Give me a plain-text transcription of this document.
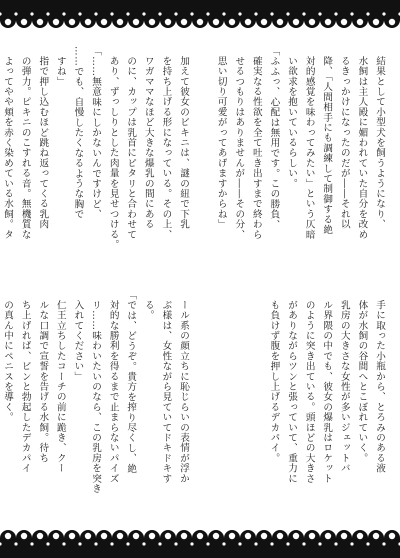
結果として小型犬を飼うようになり、

水飼は主人殿に媚われていた自分を改め

るきっかけになったのだが――それ以

降、「人間相手にも調練して制御する絶

対的感覚を味わってみたい」という仄暗

い欲求を抱いているらしい。

「ふふっ、心配は無用です。この勝負、

確実なる性欲を全て吐き出すまで終わら

せるつもりはありませんが――その分、

思い切り可愛がってあげますからね」

手に取った小瓶から、とろみのある液

体が水飼の谷間へとこぼれていく。

乳房の大きさな女性が多いジェットバ

ル界隈の中でも、彼女の爆乳はロケット

のように突き出ている。頭ほどの大きさ

がありながらツンと張っていて、重力に

も負けず腹を押し上げるデカパイ。

加えて彼女のビキニは、謎の紐で下乳

を持ち上げる形になっている。その上、

ワガママなほど大きな爆乳の間にある

のに、カップは乳首にピタリと合わせて

あり、ずっしりとした肉量を見せつける。

「……無意味にしかないんですけど、

……でも、自慢したくなるような胸で

すね」

指で押し込むほど跳ね返ってくる乳肉

の弾力。ピキニのこすれる音。無機質な

よってやや頬を赤く染めている水飼。タ

ール系の顔立ちに恥じらいの表情が浮か

ぶ様は、女性ながら見ていてドキドキす

る。

「では、どうぞ。貴方を搾り尽くし、絶

対的な勝利を得るまで止まらないパイズ

リ……味わいたいのなら、この乳房を突き

入れてください」

仁王立ちしたコーチの前に跪き、クー

ルな口調で宣誓を告げる水飼。待ち

ち上げれば、ビンと勃起したデカパイ

の真ん中にペニスを導く。
